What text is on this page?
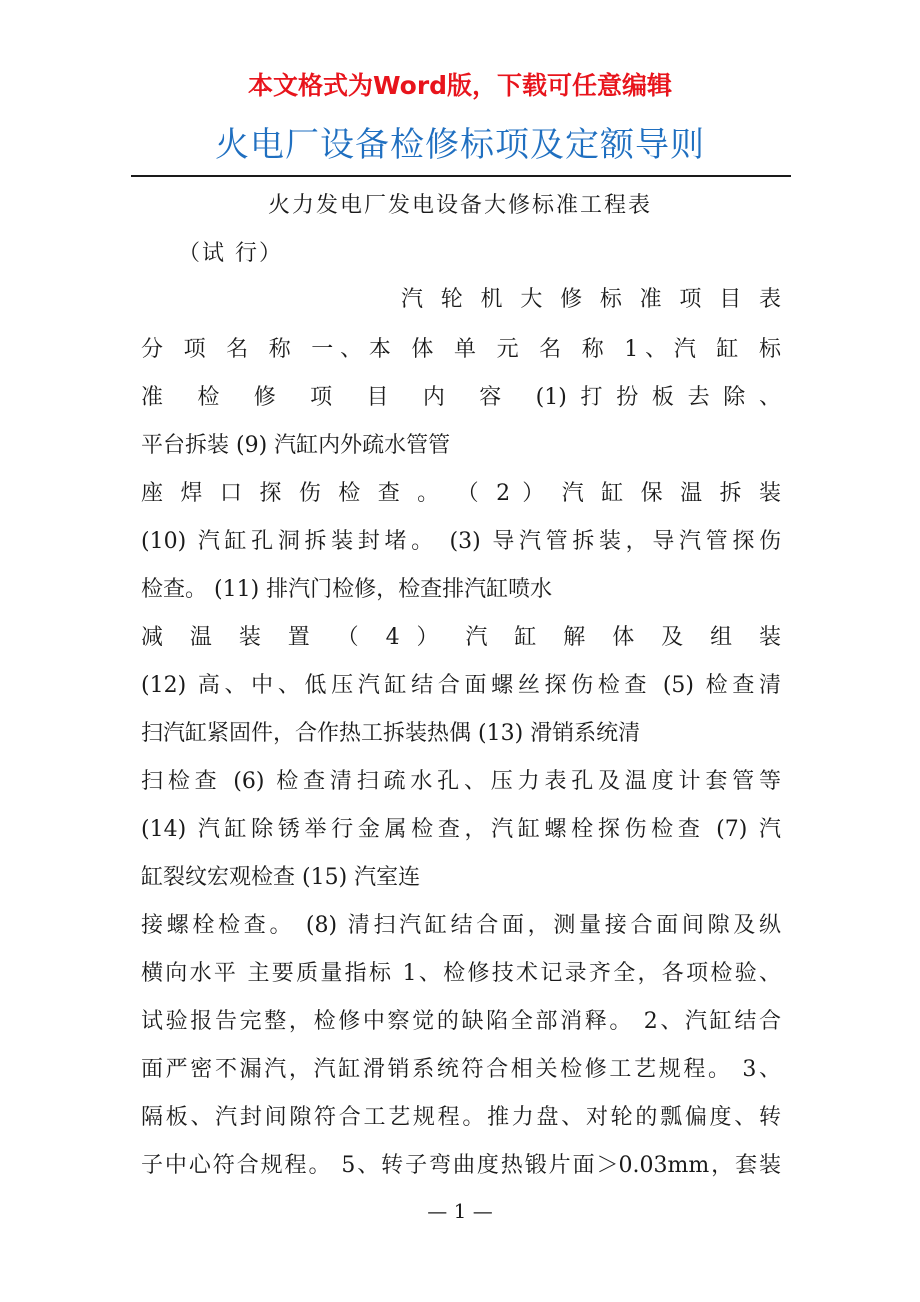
本文格式为Word版，下载可任意编辑
火电厂设备检修标项及定额导则
火力发电厂发电设备大修标准工程表
（试 行）
汽 轮 机 大 修 标 准 项 目 表
分 项 名 称 一、本 体 单 元 名 称 1、汽 缸 标
准 检 修 项 目 内 容 (1)打扮板去除、
平台拆装 (9) 汽缸内外疏水管管
座 焊 口 探 伤 检 查 。 （ 2 ） 汽 缸 保 温 拆 装
(10) 汽缸孔洞拆装封堵。 (3) 导汽管拆装，导汽管探伤
检查。 (11) 排汽门检修，检查排汽缸喷水
减 温 装 置 （ 4 ） 汽 缸 解 体 及 组 装
(12) 高、中、低压汽缸结合面螺丝探伤检查 (5) 检查清
扫汽缸紧固件，合作热工拆装热偶 (13) 滑销系统清
扫检查 (6) 检查清扫疏水孔、压力表孔及温度计套管等
(14) 汽缸除锈举行金属检查，汽缸螺栓探伤检查 (7) 汽
缸裂纹宏观检查 (15) 汽室连
接螺栓检查。 (8) 清扫汽缸结合面，测量接合面间隙及纵
横向水平 主要质量指标 1、检修技术记录齐全，各项检验、
试验报告完整，检修中察觉的缺陷全部消释。 2、汽缸结合
面严密不漏汽，汽缸滑销系统符合相关检修工艺规程。 3、
隔板、汽封间隙符合工艺规程。推力盘、对轮的瓢偏度、转
子中心符合规程。 5、转子弯曲度热锻片面＞0.03mm，套装
— 1 —
